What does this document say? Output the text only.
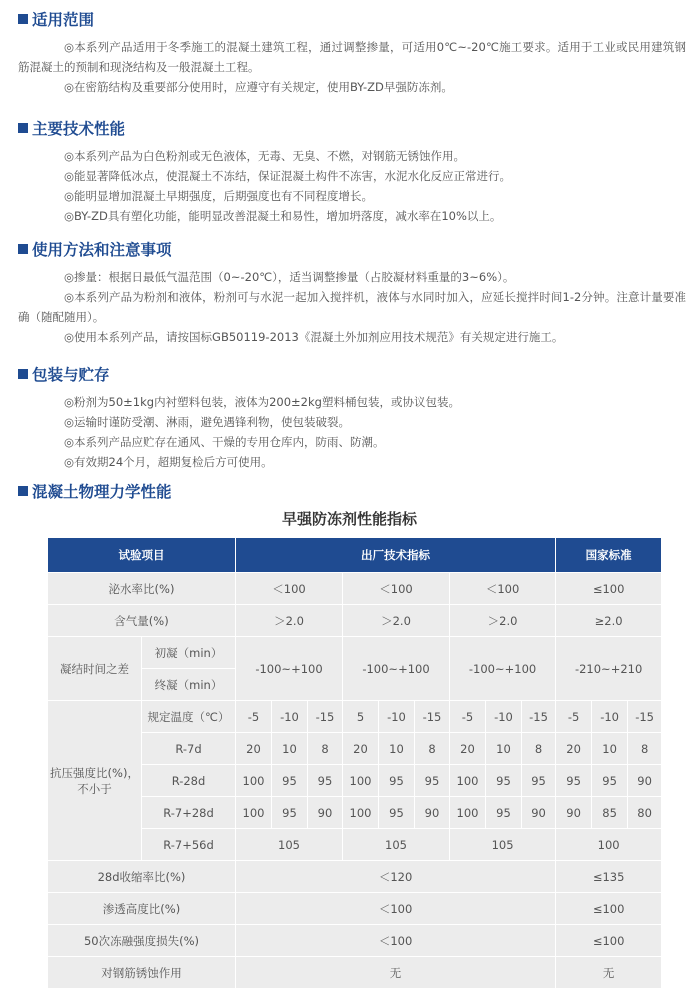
适用范围

◎本系列产品适用于冬季施工的混凝土建筑工程，通过调整掺量，可适用0℃~-20℃施工要求。适用于工业或民用建筑钢筋混凝土的预制和现浇结构及一般混凝土工程。

◎在密筋结构及重要部分使用时，应遵守有关规定，使用BY-ZD早强防冻剂。

主要技术性能

◎本系列产品为白色粉剂或无色液体，无毒、无臭、不燃，对钢筋无锈蚀作用。

◎能显著降低冰点，使混凝土不冻结，保证混凝土构件不冻害，水泥水化反应正常进行。

◎能明显增加混凝土早期强度，后期强度也有不同程度增长。

◎BY-ZD具有塑化功能，能明显改善混凝土和易性，增加坍落度，减水率在10%以上。

使用方法和注意事项

◎掺量：根据日最低气温范围（0~-20℃），适当调整掺量（占胶凝材料重量的3~6%）。

◎本系列产品为粉剂和液体，粉剂可与水泥一起加入搅拌机，液体与水同时加入，应延长搅拌时间1-2分钟。注意计量要准确（随配随用）。

◎使用本系列产品，请按国标GB50119-2013《混凝土外加剂应用技术规范》有关规定进行施工。

包装与贮存

◎粉剂为50±1kg内衬塑料包装，液体为200±2kg塑料桶包装，或协议包装。

◎运输时谨防受潮、淋雨，避免遇锋利物，使包装破裂。

◎本系列产品应贮存在通风、干燥的专用仓库内，防雨、防潮。

◎有效期24个月，超期复检后方可使用。

混凝土物理力学性能
早强防冻剂性能指标
试验项目		出厂技术指标									国家标准		
泌水率比(%)		＜100			＜100			＜100			≤100		
含气量(%)		＞2.0			＞2.0			＞2.0			≥2.0		
凝结时间之差	初凝（min）	-100~+100			-100~+100			-100~+100			-210~+210		
	终凝（min）												
抗压强度比(%)，
不小于	规定温度（℃）	-5	-10	-15	5	-10	-15	-5	-10	-15	-5	-10	-15
	R-7d	20	10	8	20	10	8	20	10	8	20	10	8
	R-28d	100	95	95	100	95	95	100	95	95	95	95	90
	R-7+28d	100	95	90	100	95	90	100	95	90	90	85	80
	R-7+56d	105			105			105			100		
28d收缩率比(%)		＜120									≤135		
渗透高度比(%)		＜100									≤100		
50次冻融强度损失(%)		＜100									≤100		
对钢筋锈蚀作用		无									无		
